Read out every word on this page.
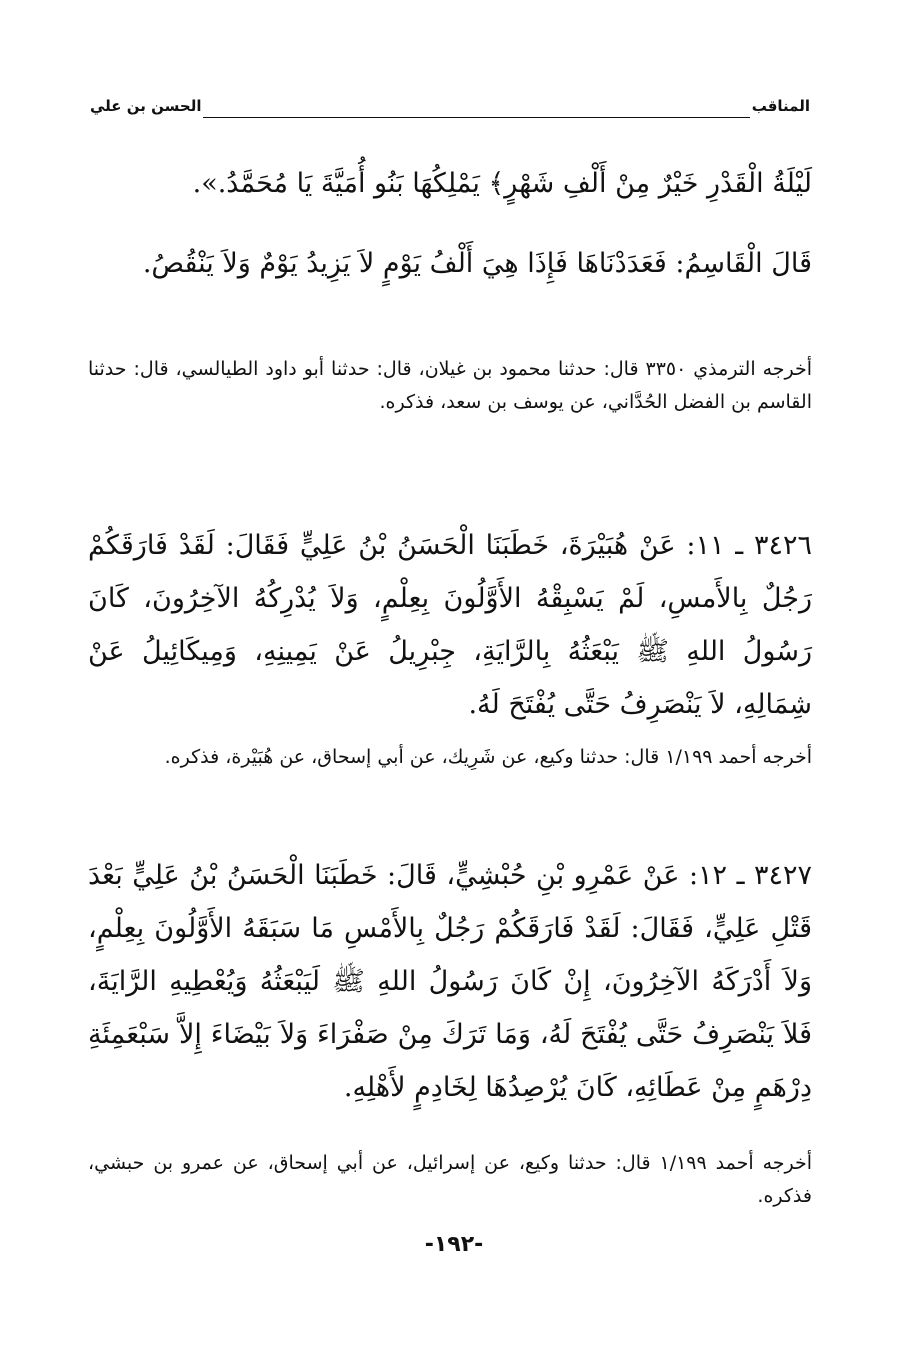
المناقب
الحسن بن علي

لَيْلَةُ الْقَدْرِ خَيْرٌ مِنْ أَلْفِ شَهْرٍ﴾ يَمْلِكُهَا بَنُو أُمَيَّةَ يَا مُحَمَّدُ.».

قَالَ الْقَاسِمُ: فَعَدَدْنَاهَا فَإِذَا هِيَ أَلْفُ يَوْمٍ لاَ يَزِيدُ يَوْمٌ وَلاَ يَنْقُصُ.

أخرجه الترمذي ٣٣٥٠ قال: حدثنا محمود بن غيلان، قال: حدثنا أبو داود الطيالسي، قال: حدثنا القاسم بن الفضل الحُدَّاني، عن يوسف بن سعد، فذكره.

٣٤٢٦ ـ ١١: عَنْ هُبَيْرَةَ، خَطَبَنَا الْحَسَنُ بْنُ عَلِيٍّ فَقَالَ: لَقَدْ فَارَقَكُمْ رَجُلٌ بِالأَمسِ، لَمْ يَسْبِقْهُ الأَوَّلُونَ بِعِلْمٍ، وَلاَ يُدْرِكُهُ الآخِرُونَ، كَانَ رَسُولُ اللهِ ﷺ يَبْعَثُهُ بِالرَّايَةِ، جِبْرِيلُ عَنْ يَمِينِهِ، وَمِيكَائِيلُ عَنْ شِمَالِهِ، لاَ يَنْصَرِفُ حَتَّى يُفْتَحَ لَهُ.

أخرجه أحمد ١/١٩٩ قال: حدثنا وكيع، عن شَرِيك، عن أبي إسحاق، عن هُبَيْرة، فذكره.

٣٤٢٧ ـ ١٢: عَنْ عَمْرِو بْنِ حُبْشِيٍّ، قَالَ: خَطَبَنَا الْحَسَنُ بْنُ عَلِيٍّ بَعْدَ قَتْلِ عَلِيٍّ، فَقَالَ: لَقَدْ فَارَقَكُمْ رَجُلٌ بِالأَمْسِ مَا سَبَقَهُ الأَوَّلُونَ بِعِلْمٍ، وَلاَ أَدْرَكَهُ الآخِرُونَ، إِنْ كَانَ رَسُولُ اللهِ ﷺ لَيَبْعَثُهُ وَيُعْطِيهِ الرَّايَةَ، فَلاَ يَنْصَرِفُ حَتَّى يُفْتَحَ لَهُ، وَمَا تَرَكَ مِنْ صَفْرَاءَ وَلاَ بَيْضَاءَ إِلاَّ سَبْعَمِئَةِ دِرْهَمٍ مِنْ عَطَائِهِ، كَانَ يُرْصِدُهَا لِخَادِمٍ لأَهْلِهِ.

أخرجه أحمد ١/١٩٩ قال: حدثنا وكيع، عن إسرائيل، عن أبي إسحاق، عن عمرو بن حبشي، فذكره.

-١٩٢-
